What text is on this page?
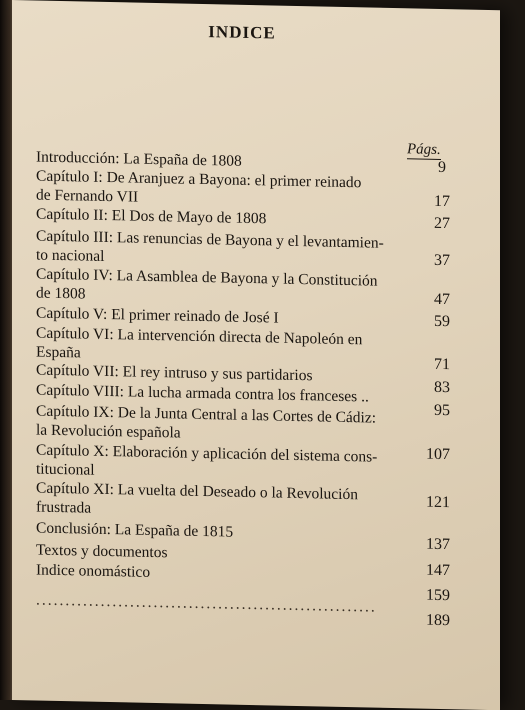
INDICE
Págs.
Introducción: La España de 1808
Capítulo I: De Aranjuez a Bayona: el primer reinado
de Fernando VII
Capítulo II: El Dos de Mayo de 1808
Capítulo III: Las renuncias de Bayona y el levantamien-
to nacional
Capítulo IV: La Asamblea de Bayona y la Constitución
de 1808
Capítulo V: El primer reinado de José I
Capítulo VI: La intervención directa de Napoleón en
España
Capítulo VII: El rey intruso y sus partidarios
Capítulo VIII: La lucha armada contra los franceses ..
Capítulo IX: De la Junta Central a las Cortes de Cádiz:
la Revolución española
Capítulo X: Elaboración y aplicación del sistema cons-
titucional
Capítulo XI: La vuelta del Deseado o la Revolución
frustrada
Conclusión: La España de 1815
Textos y documentos
Indice onomástico
..........................................................
9
17
27
37
47
59
71
83
95
107
121
137
147
159
189
